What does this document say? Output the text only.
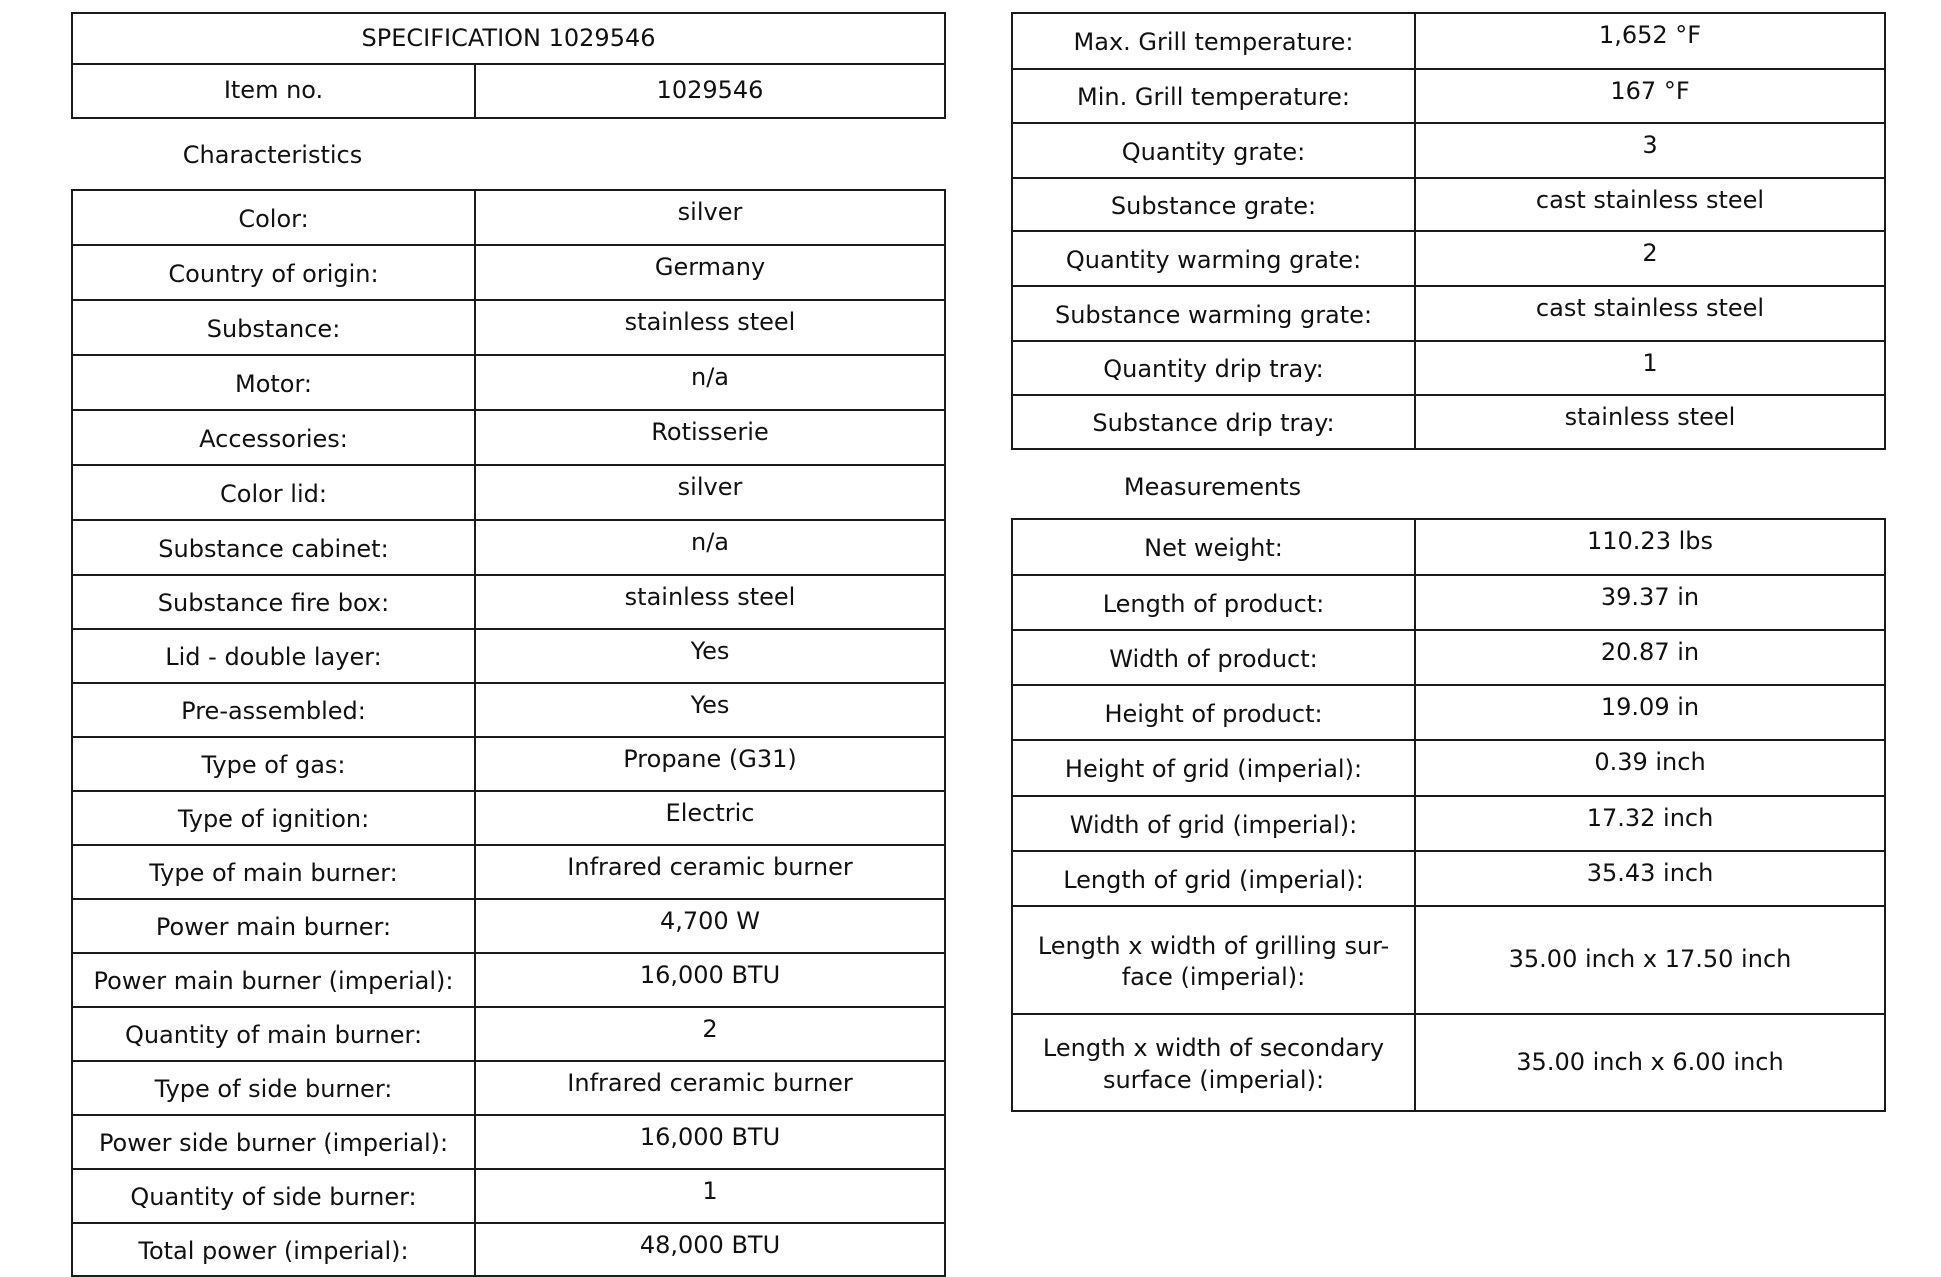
SPECIFICATION 1029546
Item no.	1029546
Characteristics
Color:	silver
Country of origin:	Germany
Substance:	stainless steel
Motor:	n/a
Accessories:	Rotisserie
Color lid:	silver
Substance cabinet:	n/a
Substance fire box:	stainless steel
Lid - double layer:	Yes
Pre-assembled:	Yes
Type of gas:	Propane (G31)
Type of ignition:	Electric
Type of main burner:	Infrared ceramic burner
Power main burner:	4,700 W
Power main burner (imperial):	16,000 BTU
Quantity of main burner:	2
Type of side burner:	Infrared ceramic burner
Power side burner (imperial):	16,000 BTU
Quantity of side burner:	1
Total power (imperial):	48,000 BTU
Max. Grill temperature:	1,652 °F
Min. Grill temperature:	167 °F
Quantity grate:	3
Substance grate:	cast stainless steel
Quantity warming grate:	2
Substance warming grate:	cast stainless steel
Quantity drip tray:	1
Substance drip tray:	stainless steel
Measurements
Net weight:	110.23 lbs
Length of product:	39.37 in
Width of product:	20.87 in
Height of product:	19.09 in
Height of grid (imperial):	0.39 inch
Width of grid (imperial):	17.32 inch
Length of grid (imperial):	35.43 inch
Length x width of grilling sur-
face (imperial):	35.00 inch x 17.50 inch
Length x width of secondary
surface (imperial):	35.00 inch x 6.00 inch
